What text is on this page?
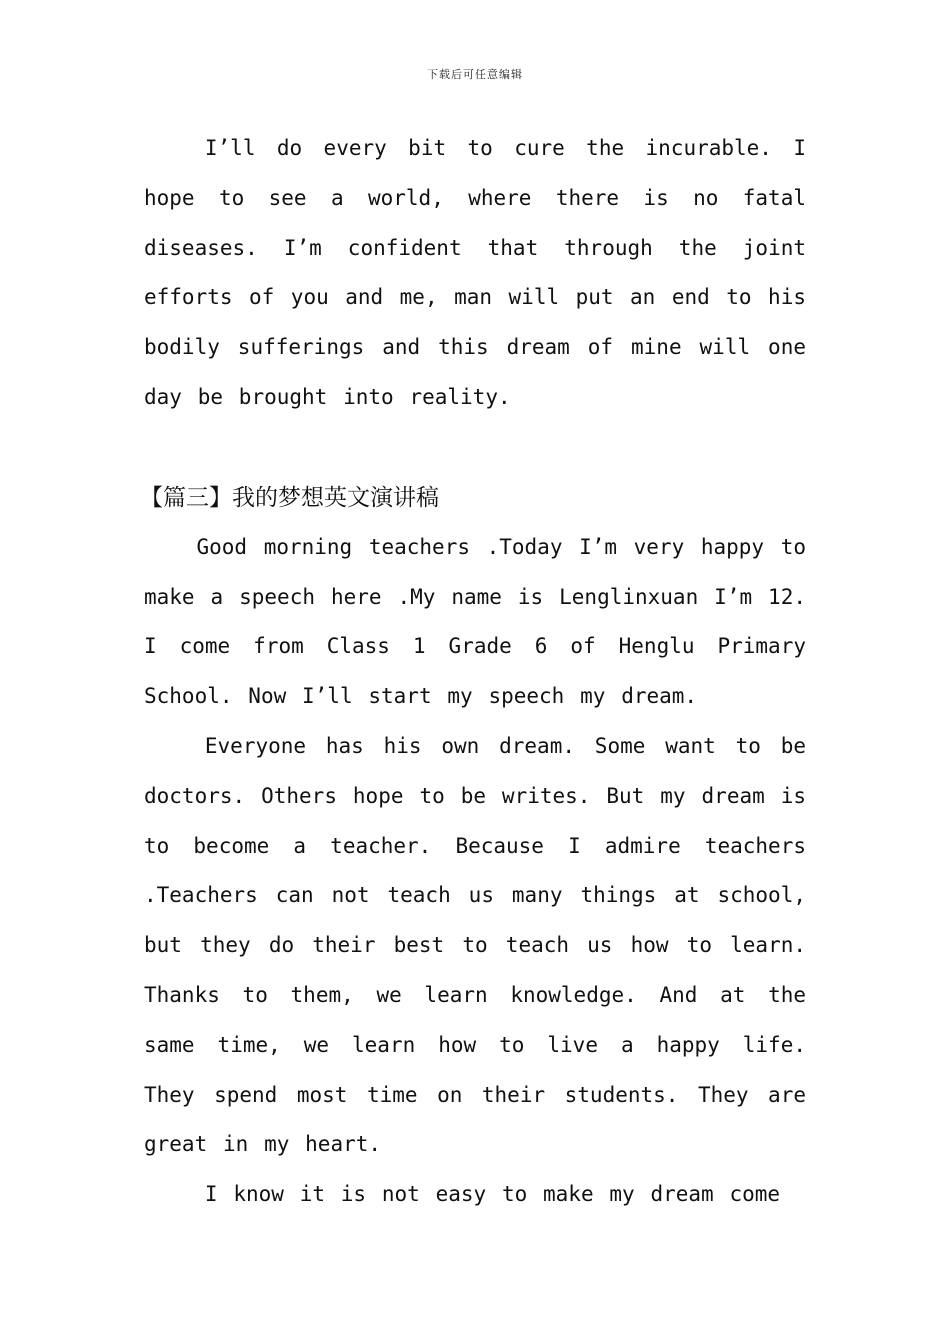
下载后可任意编辑

I’ll do every bit to cure the incurable. I hope to see a world, where there is no fatal diseases. I’m confident that through the joint efforts of you and me, man will put an end to his bodily sufferings and this dream of mine will one day be brought into reality.

【篇三】我的梦想英文演讲稿

Good morning teachers .Today I’m very happy to make a speech here .My name is Lenglinxuan I’m 12. I come from Class 1 Grade 6 of Henglu Primary School. Now I’ll start my speech my dream.

Everyone has his own dream. Some want to be doctors. Others hope to be writes. But my dream is to become a teacher. Because I admire teachers .Teachers can not teach us many things at school, but they do their best to teach us how to learn. Thanks to them, we learn knowledge. And at the same time, we learn how to live a happy life. They spend most time on their students. They are great in my heart.

I know it is not easy to make my dream come
